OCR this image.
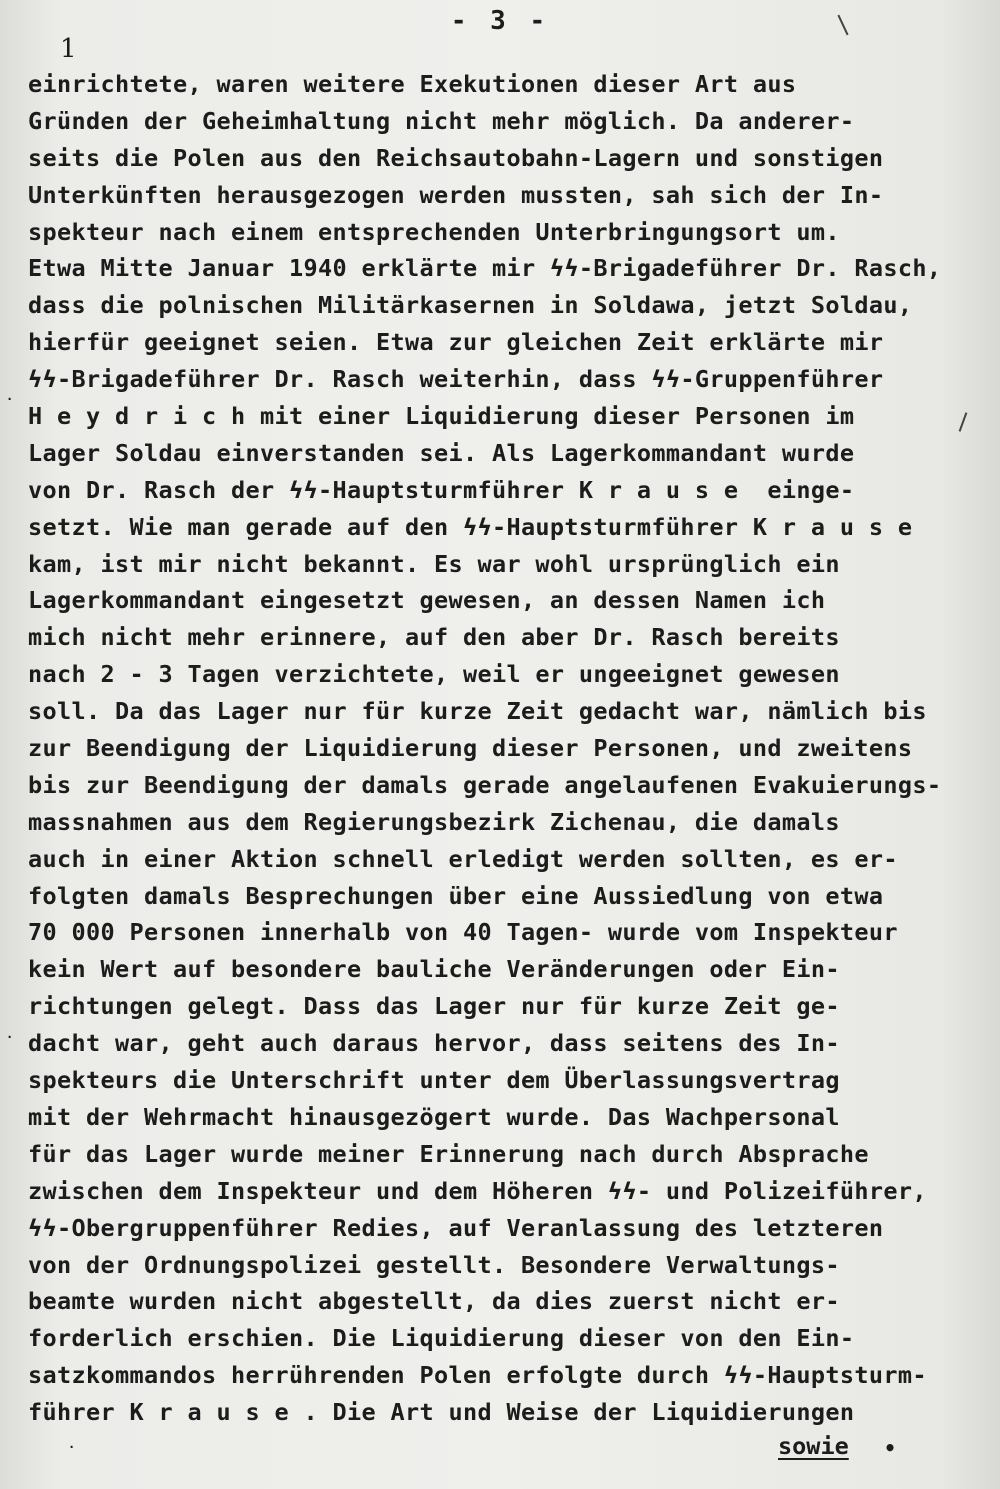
- 3 -
1
einrichtete, waren weitere Exekutionen dieser Art aus
Gründen der Geheimhaltung nicht mehr möglich. Da anderer-
seits die Polen aus den Reichsautobahn-Lagern und sonstigen
Unterkünften herausgezogen werden mussten, sah sich der In-
spekteur nach einem entsprechenden Unterbringungsort um.
Etwa Mitte Januar 1940 erklärte mir ϟϟ-Brigadeführer Dr. Rasch,
dass die polnischen Militärkasernen in Soldawa, jetzt Soldau,
hierfür geeignet seien. Etwa zur gleichen Zeit erklärte mir
ϟϟ-Brigadeführer Dr. Rasch weiterhin, dass ϟϟ-Gruppenführer
H e y d r i c h mit einer Liquidierung dieser Personen im
Lager Soldau einverstanden sei. Als Lagerkommandant wurde
von Dr. Rasch der ϟϟ-Hauptsturmführer K r a u s e  einge-
setzt. Wie man gerade auf den ϟϟ-Hauptsturmführer K r a u s e
kam, ist mir nicht bekannt. Es war wohl ursprünglich ein
Lagerkommandant eingesetzt gewesen, an dessen Namen ich
mich nicht mehr erinnere, auf den aber Dr. Rasch bereits
nach 2 - 3 Tagen verzichtete, weil er ungeeignet gewesen
soll. Da das Lager nur für kurze Zeit gedacht war, nämlich bis
zur Beendigung der Liquidierung dieser Personen, und zweitens
bis zur Beendigung der damals gerade angelaufenen Evakuierungs-
massnahmen aus dem Regierungsbezirk Zichenau, die damals
auch in einer Aktion schnell erledigt werden sollten, es er-
folgten damals Besprechungen über eine Aussiedlung von etwa
70 000 Personen innerhalb von 40 Tagen- wurde vom Inspekteur
kein Wert auf besondere bauliche Veränderungen oder Ein-
richtungen gelegt. Dass das Lager nur für kurze Zeit ge-
dacht war, geht auch daraus hervor, dass seitens des In-
spekteurs die Unterschrift unter dem Überlassungsvertrag
mit der Wehrmacht hinausgezögert wurde. Das Wachpersonal
für das Lager wurde meiner Erinnerung nach durch Absprache
zwischen dem Inspekteur und dem Höheren ϟϟ- und Polizeiführer,
ϟϟ-Obergruppenführer Redies, auf Veranlassung des letzteren
von der Ordnungspolizei gestellt. Besondere Verwaltungs-
beamte wurden nicht abgestellt, da dies zuerst nicht er-
forderlich erschien. Die Liquidierung dieser von den Ein-
satzkommandos herrührenden Polen erfolgte durch ϟϟ-Hauptsturm-
führer K r a u s e . Die Art und Weise der Liquidierungen
sowie •
·
·
·
